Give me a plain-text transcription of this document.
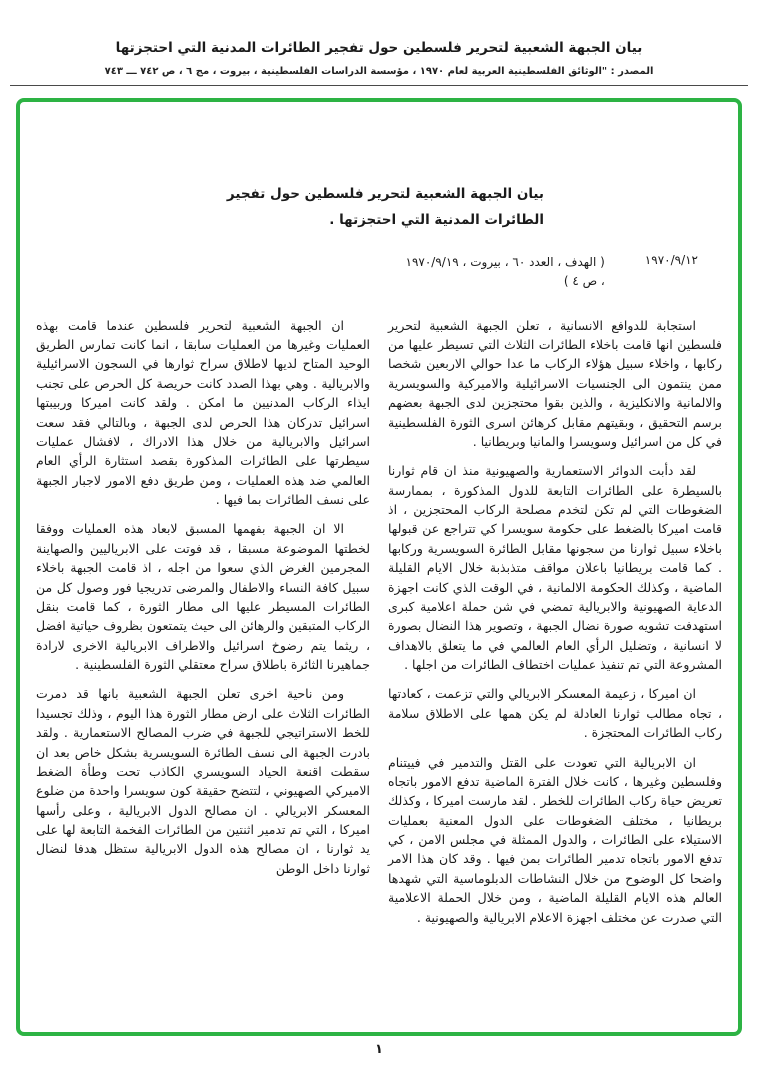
بيان الجبهة الشعبية لتحرير فلسطين حول تفجير الطائرات المدنية التي احتجزتها
المصدر : "الوثائق الفلسطينية العربية لعام ١٩٧٠ ، مؤسسة الدراسات الفلسطينية ، بيروت ، مج ٦ ، ص ٧٤٢ ـــ ٧٤٣
بيان الجبهة الشعبية لتحرير فلسطين حول تفجير الطائرات المدنية التي احتجزتها .
١٩٧٠/٩/١٢
( الهدف ، العدد ٦٠ ، بيروت ، ١٩٧٠/٩/١٩ ، ص ٤ )

استجابة للدوافع الانسانية ، تعلن الجبهة الشعبية لتحرير فلسطين انها قامت باخلاء الطائرات الثلاث التي تسيطر عليها من ركابها ، واخلاء سبيل هؤلاء الركاب ما عدا حوالي الاربعين شخصا ممن ينتمون الى الجنسيات الاسرائيلية والاميركية والسويسرية والالمانية والانكليزية ، والذين بقوا محتجزين لدى الجبهة بعضهم برسم التحقيق ، وبقيتهم مقابل كرهائن اسرى الثورة الفلسطينية في كل من اسرائيل وسويسرا والمانيا وبريطانيا .

لقد دأبت الدوائر الاستعمارية والصهيونية منذ ان قام ثوارنا بالسيطرة على الطائرات التابعة للدول المذكورة ، بممارسة الضغوطات التي لم تكن لتخدم مصلحة الركاب المحتجزين ، اذ قامت اميركا بالضغط على حكومة سويسرا كي تتراجع عن قبولها باخلاء سبيل ثوارنا من سجونها مقابل الطائرة السويسرية وركابها . كما قامت بريطانيا باعلان مواقف متذبذبة خلال الايام القليلة الماضية ، وكذلك الحكومة الالمانية ، في الوقت الذي كانت اجهزة الدعاية الصهيونية والابريالية تمضي في شن حملة اعلامية كبرى استهدفت تشويه صورة نضال الجبهة ، وتصوير هذا النضال بصورة لا انسانية ، وتضليل الرأي العام العالمي في ما يتعلق بالاهداف المشروعة التي تم تنفيذ عمليات اختطاف الطائرات من اجلها .

ان اميركا ، زعيمة المعسكر الابريالي والتي تزعمت ، كعادتها ، تجاه مطالب ثوارنا العادلة لم يكن همها على الاطلاق سلامة ركاب الطائرات المحتجزة .

ان الابريالية التي تعودت على القتل والتدمير في فييتنام وفلسطين وغيرها ، كانت خلال الفترة الماضية تدفع الامور باتجاه تعريض حياة ركاب الطائرات للخطر . لقد مارست اميركا ، وكذلك بريطانيا ، مختلف الضغوطات على الدول المعنية بعمليات الاستيلاء على الطائرات ، والدول الممثلة في مجلس الامن ، كي تدفع الامور باتجاه تدمير الطائرات بمن فيها . وقد كان هذا الامر واضحا كل الوضوح من خلال النشاطات الدبلوماسية التي شهدها العالم هذه الايام القليلة الماضية ، ومن خلال الحملة الاعلامية التي صدرت عن مختلف اجهزة الاعلام الابريالية والصهيونية .

ان الجبهة الشعبية لتحرير فلسطين عندما قامت بهذه العمليات وغيرها من العمليات سابقا ، انما كانت تمارس الطريق الوحيد المتاح لديها لاطلاق سراح ثوارها في السجون الاسرائيلية والابريالية . وهي بهذا الصدد كانت حريصة كل الحرص على تجنب ايذاء الركاب المدنيين ما امكن . ولقد كانت اميركا وربيبتها اسرائيل تدركان هذا الحرص لدى الجبهة ، وبالتالي فقد سعت اسرائيل والابريالية من خلال هذا الادراك ، لافشال عمليات سيطرتها على الطائرات المذكورة بقصد استثارة الرأي العام العالمي ضد هذه العمليات ، ومن طريق دفع الامور لاجبار الجبهة على نسف الطائرات بما فيها .

الا ان الجبهة بفهمها المسبق لابعاد هذه العمليات ووفقا لخطتها الموضوعة مسبقا ، قد فوتت على الابرياليين والصهاينة المجرمين الغرض الذي سعوا من اجله ، اذ قامت الجبهة باخلاء سبيل كافة النساء والاطفال والمرضى تدريجيا فور وصول كل من الطائرات المسيطر عليها الى مطار الثورة ، كما قامت بنقل الركاب المتبقين والرهائن الى حيث يتمتعون بظروف حياتية افضل ، ريثما يتم رضوخ اسرائيل والاطراف الابريالية الاخرى لارادة جماهيرنا الثائرة باطلاق سراح معتقلي الثورة الفلسطينية .

ومن ناحية اخرى تعلن الجبهة الشعبية بانها قد دمرت الطائرات الثلاث على ارض مطار الثورة هذا اليوم ، وذلك تجسيدا للخط الاستراتيجي للجبهة في ضرب المصالح الاستعمارية . ولقد بادرت الجبهة الى نسف الطائرة السويسرية بشكل خاص بعد ان سقطت اقنعة الحياد السويسري الكاذب تحت وطأة الضغط الاميركي الصهيوني ، لتتضح حقيقة كون سويسرا واحدة من ضلوع المعسكر الابريالي . ان مصالح الدول الابريالية ، وعلى رأسها اميركا ، التي تم تدمير اثنتين من الطائرات الفخمة التابعة لها على يد ثوارنا ، ان مصالح هذه الدول الابريالية ستظل هدفا لنضال ثوارنا داخل الوطن

١
